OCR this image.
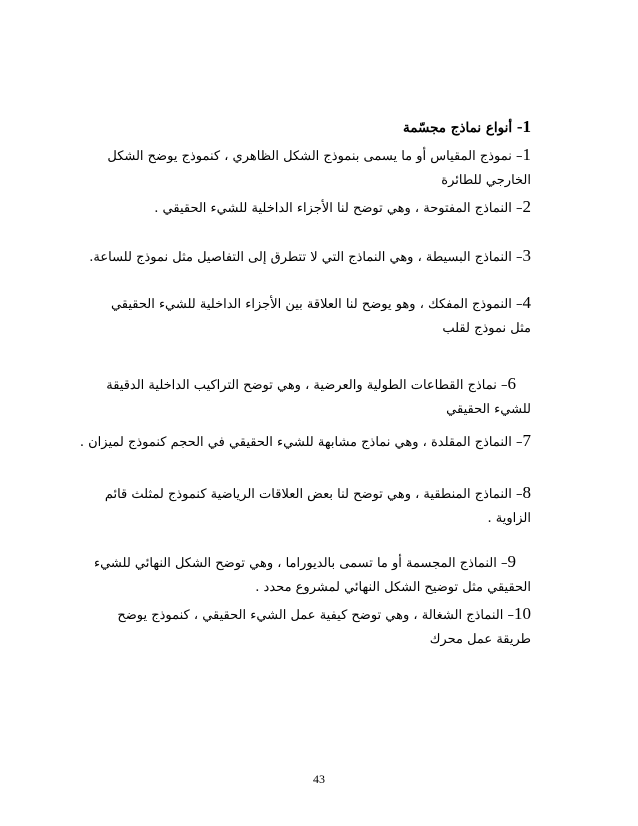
1- أنواع نماذج مجسّمة
1– نموذج المقياس أو ما يسمى بنموذج الشكل الظاهري ، كنموذج يوضح الشكل
الخارجي للطائرة
2– النماذج المفتوحة ، وهي توضح لنا الأجزاء الداخلية للشيء الحقيقي .
3– النماذج البسيطة ، وهي النماذج التي لا تتطرق إلى التفاصيل مثل نموذج للساعة.
4– النموذج المفكك ، وهو يوضح لنا العلاقة بين الأجزاء الداخلية للشيء الحقيقي
مثل نموذج لقلب
6– نماذج القطاعات الطولية والعرضية ، وهي توضح التراكيب الداخلية الدقيقة
للشيء الحقيقي
7– النماذج المقلدة ، وهي نماذج مشابهة للشيء الحقيقي في الحجم كنموذج لميزان .
8– النماذج المنطقية ، وهي توضح لنا بعض العلاقات الرياضية كنموذج لمثلث قائم
الزاوية .
9– النماذج المجسمة أو ما تسمى بالديوراما ، وهي توضح الشكل النهائي للشيء
الحقيقي مثل توضيح الشكل النهائي لمشروع محدد .
10– النماذج الشغالة ، وهي توضح كيفية عمل الشيء الحقيقي ، كنموذج يوضح
طريقة عمل محرك
43
